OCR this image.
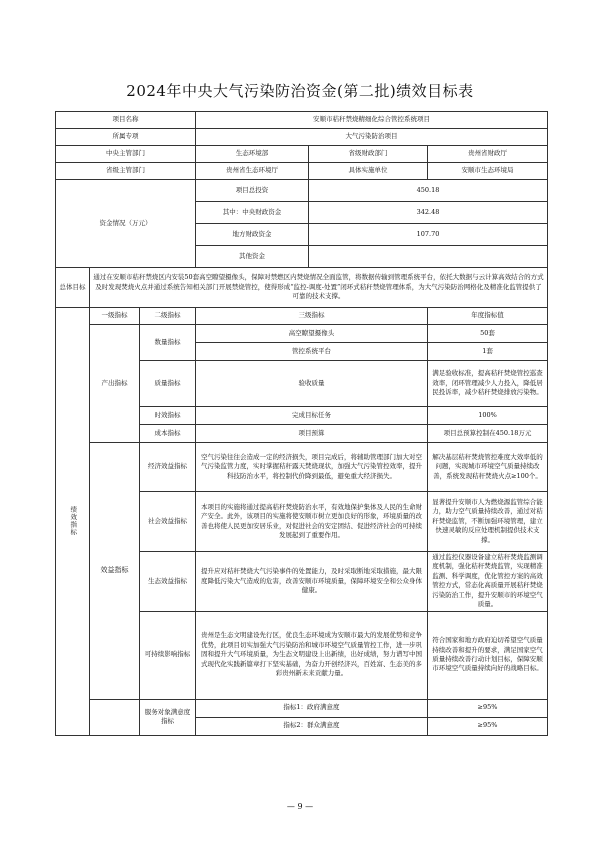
2024年中央大气污染防治资金(第二批)绩效目标表
项目名称			安顺市秸秆禁烧精细化综合管控系统项目		
所属专项			大气污染防治项目		
中央主管部门			生态环境部	省级财政部门	贵州省财政厅
省级主管部门			贵州省生态环境厅	具体实施单位	安顺市生态环境局
资金情况（万元）			项目总投资	450.18	
			其中：中央财政资金	342.48	
			地方财政资金	107.70	
			其他资金		
总体目标	通过在安顺市秸秆禁烧区内安装50套高空瞭望摄像头，保障对禁燃区内焚烧情况全面监管，将数据传输到管理系统平台，依托大数据与云计算高效结合的方式及时发现焚烧火点并通过系统告知相关部门开展禁烧管控，使得形成“监控-调度-处置”闭环式秸秆禁烧管理体系，为大气污染防治网格化及精准化监管提供了可靠的技术支撑。				

绩效指标	一级指标	二级指标	三级指标		年度指标值
	产出指标	数量指标	高空瞭望摄像头		50套
			管控系统平台		1套
		质量指标	验收质量		满足验收标准，提高秸秆焚烧管控巡查效率，闭环管理减少人力投入，降低居民投诉率，减少秸秆焚烧排放污染物。
		时效指标	完成目标任务		100%
		成本指标	项目预算		项目总预算控制在450.18万元

	效益指标	经济效益指标	空气污染往往会造成一定的经济损失，项目完成后，将辅助管理部门加大对空气污染监管力度，实时掌握秸秆露天焚烧现状，加强大气污染管控效率，提升科技防治水平，将控制代价降到最低，避免重大经济损失。		解决基层秸秆焚烧管控难度大效率低的问题，实现城市环境空气质量持续改善，系统发现秸秆焚烧火点≥100个。
		社会效益指标	本项目的实施将通过提高秸秆焚烧防治水平，有效地保护集体及人民的生命财产安全。此外，该项目的实施将使安顺市树立更加良好的形象，环境质量的改善也将使人民更加安居乐业，对促进社会的安定团结、促进经济社会的可持续发展起到了重要作用。		显著提升安顺市人为燃烧源监管综合能力，助力空气质量持续改善，通过对秸秆焚烧监管，不断加强环境管理，建立快速灵敏的反应处理机制提供技术支撑。
		生态效益指标	提升应对秸秆焚烧大气污染事件的处置能力，及时采取断地采取措施，最大限度降低污染大气造成的危害，改善安顺市环境质量，保障环境安全和公众身体健康。		通过监控仪器设备建立秸秆焚烧监测调度机制，强化秸秆焚烧监管，实现精准监测、科学调度，优化管控方案的高效管控方式，常态化高质量开展秸秆焚烧污染防治工作，提升安顺市的环境空气质量。
		可持续影响指标	贵州是生态文明建设先行区，优良生态环境成为安顺市最大的发展优势和竞争优势，此项目切实加强大气污染防治和城市环境空气质量管控工作，进一步巩固和提升大气环境质量，为生态文明建设上出新绩，出好成绩，努力谱写中国式现代化实践新篇章打下坚实基础，为奋力开创经济兴，百姓富、生态美的多彩贵州新未来贡献力量。		符合国家和地方政府迫切希望空气质量持续改善和提升的要求，满足国家空气质量持续改善行动计划目标，保障安顺市环境空气质量持续向好的战略目标。
		服务对象满意度指标	指标1：政府满意度		≥95%
			指标2：群众满意度		≥95%
— 9 —
